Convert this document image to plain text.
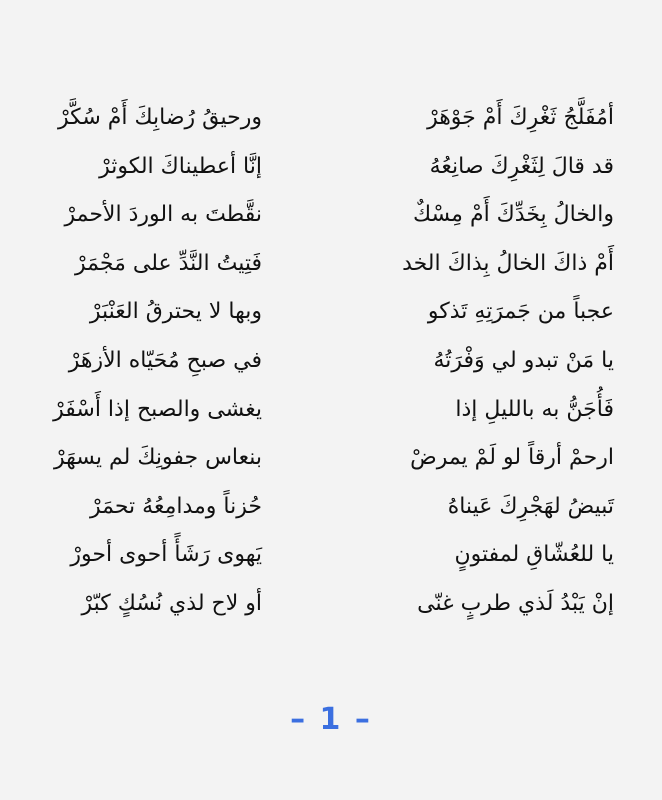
أمُفَلَّجُ ثَغْرِكَ أَمْ جَوْهَرْ
ورحيقُ رُضابِكَ أَمْ سُكَّرْ
قد قالَ لِثَغْرِكَ صانِعُهُ
إنَّا أعطيناكَ الكوثرْ
والخالُ بِخَدِّكَ أَمْ مِسْكٌ
نقَّطتَ به الوردَ الأحمرْ
أَمْ ذاكَ الخالُ بِذاكَ الخد
فَتِيتُ النَّدِّ على مَجْمَرْ
عجباً من جَمرَتِهِ تَذكو
وبها لا يحترقُ العَنْبَرْ
يا مَنْ تبدو لي وَفْرَتُهُ
في صبحِ مُحَيّاه الأزهَرْ
فَأُجَنُّ به بالليلِ إذا
يغشى والصبح إذا أَسْفَرْ
ارحمْ أرقاً لو لَمْ يمرضْ
بنعاس جفونِكَ لم يسهَرْ
تَبيضُ لهَجْرِكَ عَيناهُ
حُزناً ومدامِعُهُ تحمَرْ
يا للعُشّاقِ لمفتونٍ
يَهوى رَشَأً أحوى أحورْ
إنْ يَبْدُ لَذي طربٍ غنّى
أو لاح لذي نُسُكٍ كبّرْ
– 1 –
